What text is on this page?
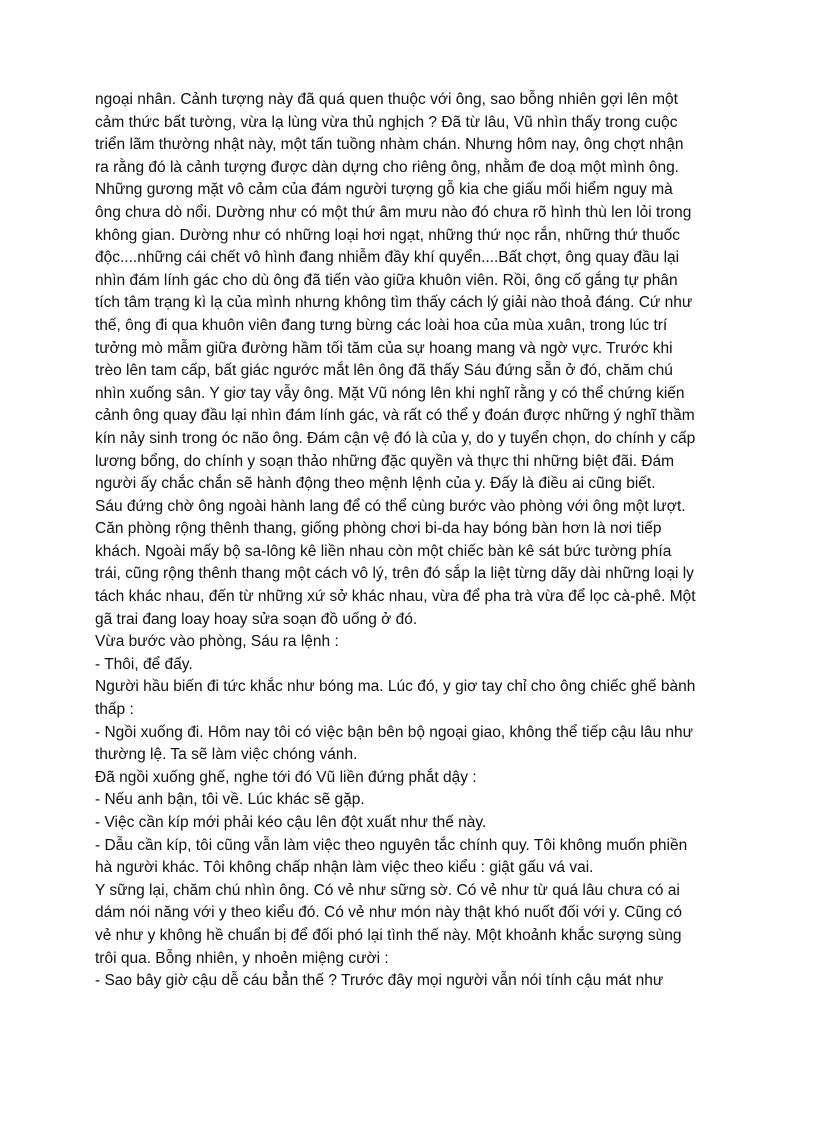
ngoại nhân. Cảnh tượng này đã quá quen thuộc với ông, sao bỗng nhiên gợi lên một
cảm thức bất tường, vừa lạ lùng vừa thủ nghịch ? Đã từ lâu, Vũ nhìn thấy trong cuộc
triển lãm thường nhật này, một tấn tuồng nhàm chán. Nhưng hôm nay, ông chợt nhận
ra rằng đó là cảnh tượng được dàn dựng cho riêng ông, nhằm đe doạ một mình ông.
Những gương mặt vô cảm của đám người tượng gỗ kia che giấu mối hiểm nguy mà
ông chưa dò nổi. Dường như có một thứ âm mưu nào đó chưa rõ hình thù len lỏi trong
không gian. Dường như có những loại hơi ngạt, những thứ nọc rắn, những thứ thuốc
độc....những cái chết vô hình đang nhiễm đầy khí quyển....Bất chợt, ông quay đầu lại
nhìn đám lính gác cho dù ông đã tiến vào giữa khuôn viên. Rồi, ông cố gắng tự phân
tích tâm trạng kì lạ của mình nhưng không tìm thấy cách lý giải nào thoả đáng. Cứ như
thế, ông đi qua khuôn viên đang tưng bừng các loài hoa của mùa xuân, trong lúc trí
tưởng mò mẫm giữa đường hầm tối tăm của sự hoang mang và ngờ vực. Trước khi
trèo lên tam cấp, bất giác ngước mắt lên ông đã thấy Sáu đứng sẵn ở đó, chăm chú
nhìn xuống sân. Y giơ tay vẫy ông. Mặt Vũ nóng lên khi nghĩ rằng y có thể chứng kiến
cảnh ông quay đầu lại nhìn đám lính gác, và rất có thể y đoán được những ý nghĩ thầm
kín nảy sinh trong óc não ông. Đám cận vệ đó là của y, do y tuyển chọn, do chính y cấp
lương bổng, do chính y soạn thảo những đặc quyền và thực thi những biệt đãi. Đám
người ấy chắc chắn sẽ hành động theo mệnh lệnh của y. Đấy là điều ai cũng biết.
Sáu đứng chờ ông ngoài hành lang để có thể cùng bước vào phòng với ông một lượt.
Căn phòng rộng thênh thang, giống phòng chơi bi-da hay bóng bàn hơn là nơi tiếp
khách. Ngoài mấy bộ sa-lông kê liền nhau còn một chiếc bàn kê sát bức tường phía
trái, cũng rộng thênh thang một cách vô lý, trên đó sắp la liệt từng dãy dài những loại ly
tách khác nhau, đến từ những xứ sở khác nhau, vừa để pha trà vừa để lọc cà-phê. Một
gã trai đang loay hoay sửa soạn đồ uống ở đó.
Vừa bước vào phòng, Sáu ra lệnh :
- Thôi, để đấy.
Người hầu biến đi tức khắc như bóng ma. Lúc đó, y giơ tay chỉ cho ông chiếc ghế bành
thấp :
- Ngồi xuống đi. Hôm nay tôi có việc bận bên bộ ngoại giao, không thể tiếp cậu lâu như
thường lệ. Ta sẽ làm việc chóng vánh.
Đã ngồi xuống ghế, nghe tới đó Vũ liền đứng phắt dậy :
- Nếu anh bận, tôi về. Lúc khác sẽ gặp.
- Việc cần kíp mới phải kéo cậu lên đột xuất như thế này.
- Dẫu cần kíp, tôi cũng vẫn làm việc theo nguyên tắc chính quy. Tôi không muốn phiền
hà người khác. Tôi không chấp nhận làm việc theo kiểu : giật gấu vá vai.
Y sững lại, chăm chú nhìn ông. Có vẻ như sững sờ. Có vẻ như từ quá lâu chưa có ai
dám nói năng với y theo kiểu đó. Có vẻ như món này thật khó nuốt đối với y. Cũng có
vẻ như y không hề chuẩn bị để đối phó lại tình thế này. Một khoảnh khắc sượng sùng
trôi qua. Bỗng nhiên, y nhoẻn miệng cười :
- Sao bây giờ cậu dễ cáu bẳn thế ? Trước đây mọi người vẫn nói tính cậu mát như
